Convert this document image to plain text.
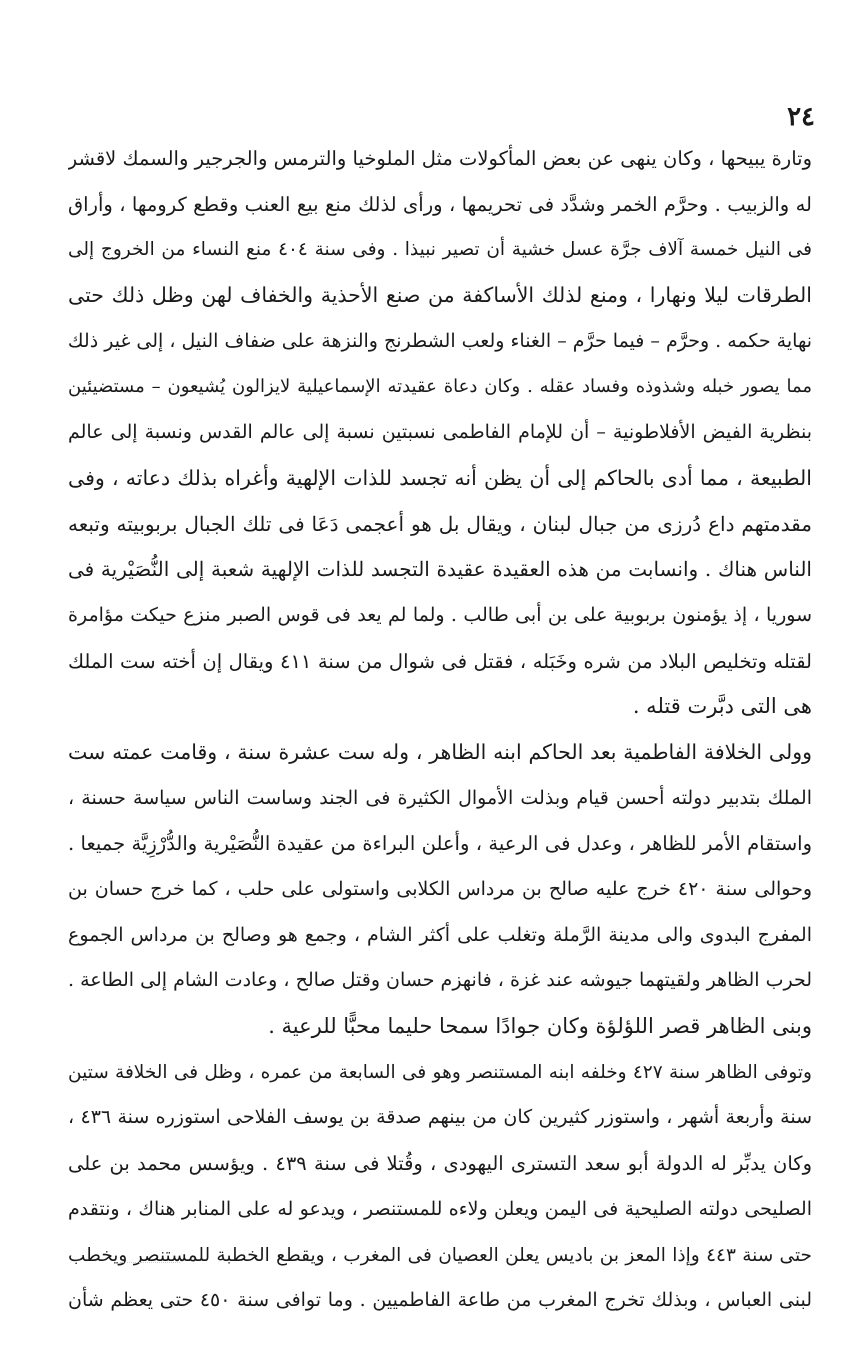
٢٤
وتارة يبيحها ، وكان ينهى عن بعض المأكولات مثل الملوخيا والترمس والجرجير والسمك لاقشر
له والزبيب . وحرَّم الخمر وشدَّد فى تحريمها ، ورأى لذلك منع بيع العنب وقطع كرومها ، وأراق
فى النيل خمسة آلاف جرَّة عسل خشية أن تصير نبيذا . وفى سنة ٤٠٤ منع النساء من الخروج إلى
الطرقات ليلا ونهارا ، ومنع لذلك الأساكفة من صنع الأحذية والخفاف لهن وظل ذلك حتى
نهاية حكمه . وحرَّم – فيما حرَّم – الغناء ولعب الشطرنج والنزهة على ضفاف النيل ، إلى غير ذلك
مما يصور خبله وشذوذه وفساد عقله . وكان دعاة عقيدته الإسماعيلية لايزالون يُشيعون – مستضيئين
بنظرية الفيض الأفلاطونية – أن للإمام الفاطمى نسبتين نسبة إلى عالم القدس ونسبة إلى عالم
الطبيعة ، مما أدى بالحاكم إلى أن يظن أنه تجسد للذات الإلهية وأغراه بذلك دعاته ، وفى
مقدمتهم داع دُرزى من جبال لبنان ، ويقال بل هو أعجمى دَعَا فى تلك الجبال بربوبيته وتبعه
الناس هناك . وانسابت من هذه العقيدة عقيدة التجسد للذات الإلهية شعبة إلى النُّصَيْرية فى
سوريا ، إذ يؤمنون بربوبية على بن أبى طالب . ولما لم يعد فى قوس الصبر منزع حيكت مؤامرة
لقتله وتخليص البلاد من شره وخَبَله ، فقتل فى شوال من سنة ٤١١ ويقال إن أخته ست الملك
هى التى دبَّرت قتله .
وولى الخلافة الفاطمية بعد الحاكم ابنه الظاهر ، وله ست عشرة سنة ، وقامت عمته ست
الملك بتدبير دولته أحسن قيام وبذلت الأموال الكثيرة فى الجند وساست الناس سياسة حسنة ،
واستقام الأمر للظاهر ، وعدل فى الرعية ، وأعلن البراءة من عقيدة النُّصَيْرية والدُّرْزِيَّة جميعا .
وحوالى سنة ٤٢٠ خرج عليه صالح بن مرداس الكلابى واستولى على حلب ، كما خرج حسان بن
المفرج البدوى والى مدينة الرَّملة وتغلب على أكثر الشام ، وجمع هو وصالح بن مرداس الجموع
لحرب الظاهر ولقيتهما جيوشه عند غزة ، فانهزم حسان وقتل صالح ، وعادت الشام إلى الطاعة .
وبنى الظاهر قصر اللؤلؤة وكان جوادًا سمحا حليما محبًّا للرعية .
وتوفى الظاهر سنة ٤٢٧ وخلفه ابنه المستنصر وهو فى السابعة من عمره ، وظل فى الخلافة ستين
سنة وأربعة أشهر ، واستوزر كثيرين كان من بينهم صدقة بن يوسف الفلاحى استوزره سنة ٤٣٦ ،
وكان يدبِّر له الدولة أبو سعد التسترى اليهودى ، وقُتلا فى سنة ٤٣٩ . ويؤسس محمد بن على
الصليحى دولته الصليحية فى اليمن ويعلن ولاءه للمستنصر ، ويدعو له على المنابر هناك ، ونتقدم
حتى سنة ٤٤٣ وإذا المعز بن باديس يعلن العصيان فى المغرب ، ويقطع الخطبة للمستنصر ويخطب
لبنى العباس ، وبذلك تخرج المغرب من طاعة الفاطميين . وما توافى سنة ٤٥٠ حتى يعظم شأن
